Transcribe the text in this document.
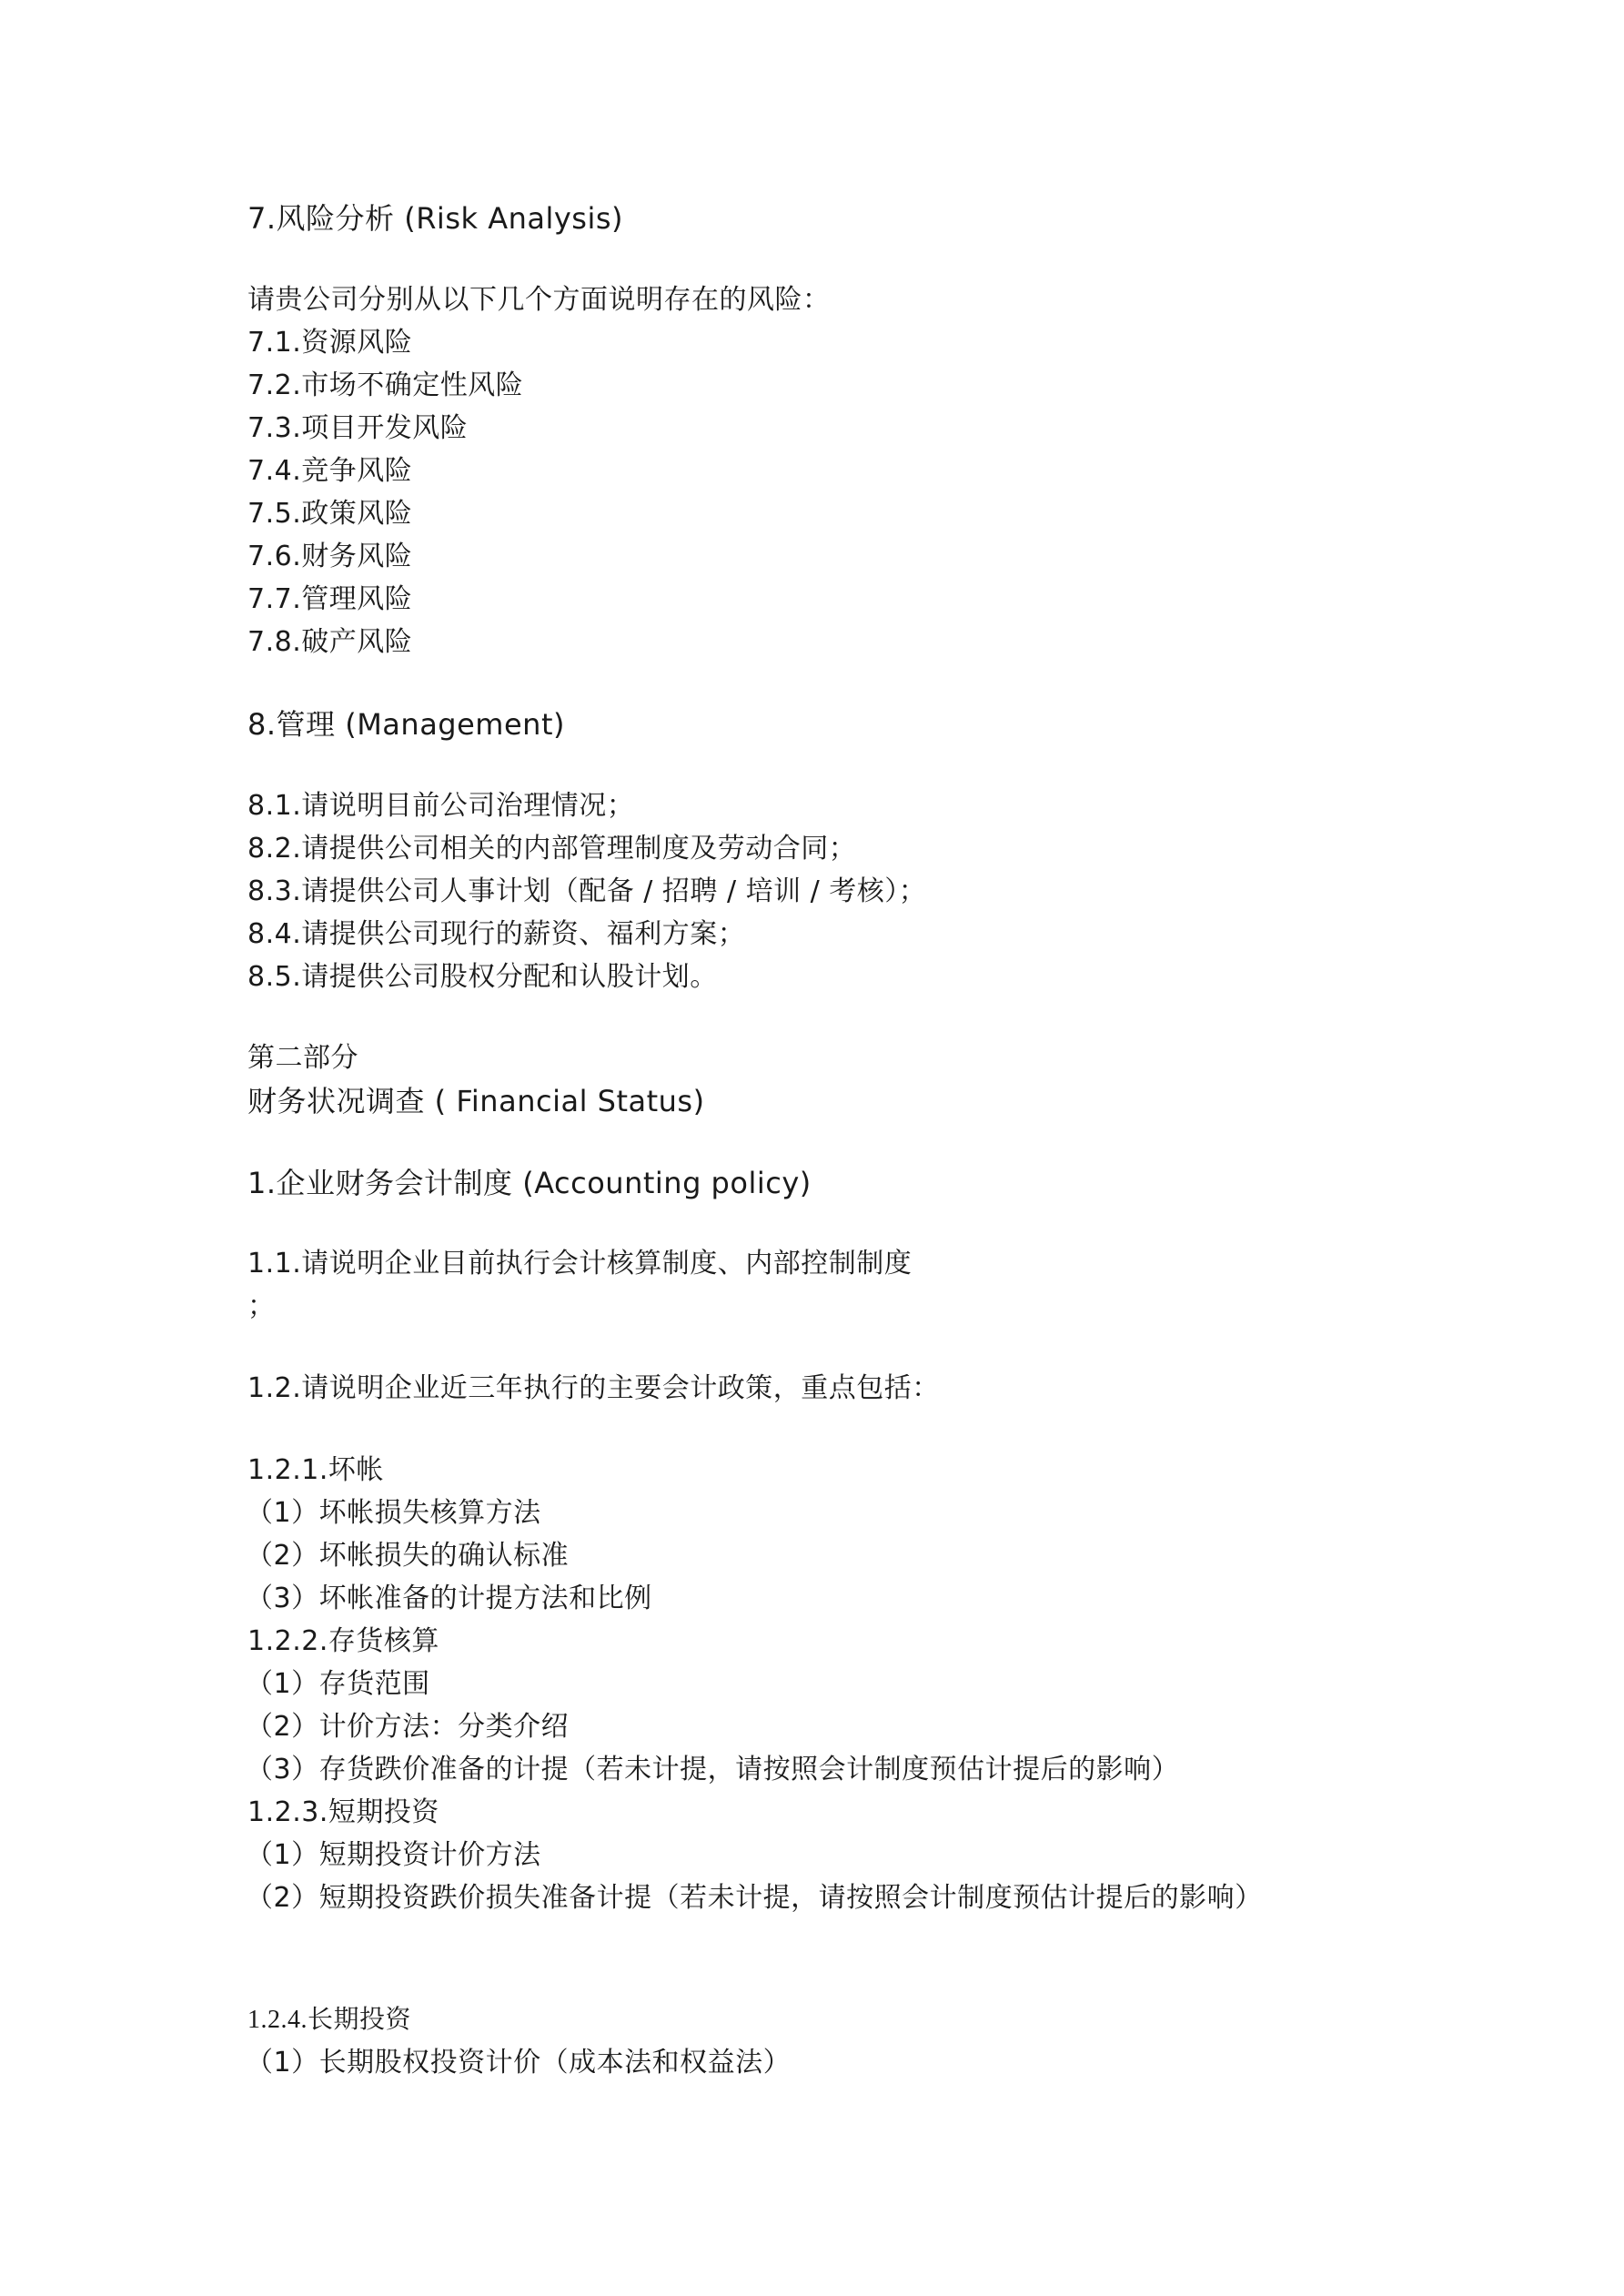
7.风险分析 (Risk Analysis)

请贵公司分别从以下几个方面说明存在的风险：

7.1.资源风险

7.2.市场不确定性风险

7.3.项目开发风险

7.4.竞争风险

7.5.政策风险

7.6.财务风险

7.7.管理风险

7.8.破产风险

8.管理 (Management)

8.1.请说明目前公司治理情况；

8.2.请提供公司相关的内部管理制度及劳动合同；

8.3.请提供公司人事计划（配备 / 招聘 / 培训 / 考核）；

8.4.请提供公司现行的薪资、福利方案；

8.5.请提供公司股权分配和认股计划。

第二部分

财务状况调查 ( Financial Status)

1.企业财务会计制度 (Accounting policy)

1.1.请说明企业目前执行会计核算制度、内部控制制度

；

1.2.请说明企业近三年执行的主要会计政策，重点包括：

1.2.1.坏帐

（1）坏帐损失核算方法

（2）坏帐损失的确认标准

（3）坏帐准备的计提方法和比例

1.2.2.存货核算

（1）存货范围

（2）计价方法：分类介绍

（3）存货跌价准备的计提（若未计提，请按照会计制度预估计提后的影响）

1.2.3.短期投资

（1）短期投资计价方法

（2）短期投资跌价损失准备计提（若未计提，请按照会计制度预估计提后的影响）

1.2.4.长期投资

（1）长期股权投资计价（成本法和权益法）
